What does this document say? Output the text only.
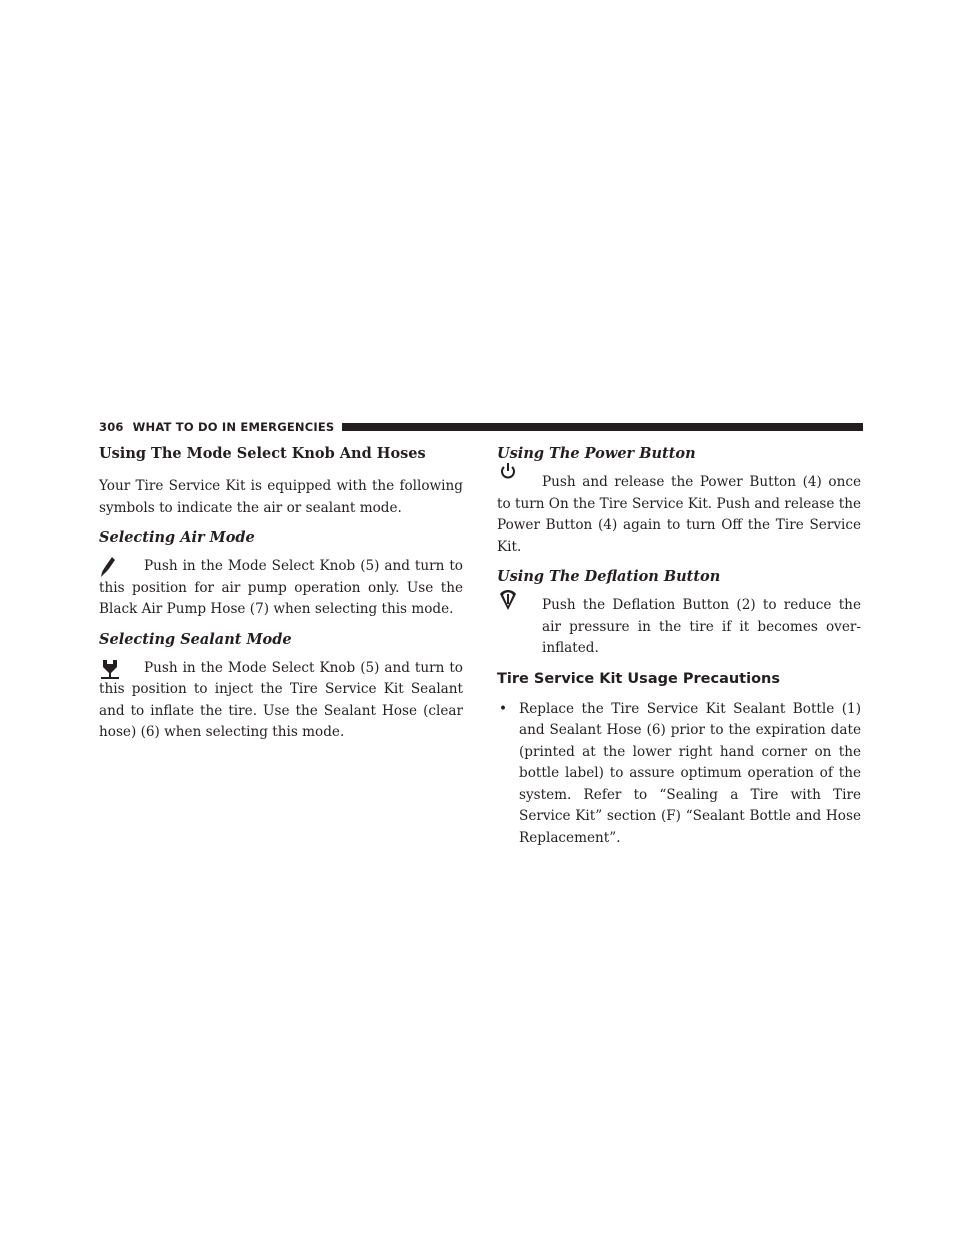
306 WHAT TO DO IN EMERGENCIES
Using The Mode Select Knob And Hoses

Your Tire Service Kit is equipped with the following symbols to indicate the air or sealant mode.

Selecting Air Mode

Push in the Mode Select Knob (5) and turn to this position for air pump operation only. Use the Black Air Pump Hose (7) when selecting this mode.

Selecting Sealant Mode

Push in the Mode Select Knob (5) and turn to this position to inject the Tire Service Kit Sealant and to inflate the tire. Use the Sealant Hose (clear hose) (6) when selecting this mode.

Using The Power Button

Push and release the Power Button (4) once to turn On the Tire Service Kit. Push and release the Power Button (4) again to turn Off the Tire Service Kit.

Using The Deflation Button

Push the Deflation Button (2) to reduce the air pressure in the tire if it becomes over-inflated.

Tire Service Kit Usage Precautions

• Replace the Tire Service Kit Sealant Bottle (1) and Sealant Hose (6) prior to the expiration date (printed at the lower right hand corner on the bottle label) to assure optimum operation of the system. Refer to “Sealing a Tire with Tire Service Kit” section (F) “Sealant Bottle and Hose Replacement”.
